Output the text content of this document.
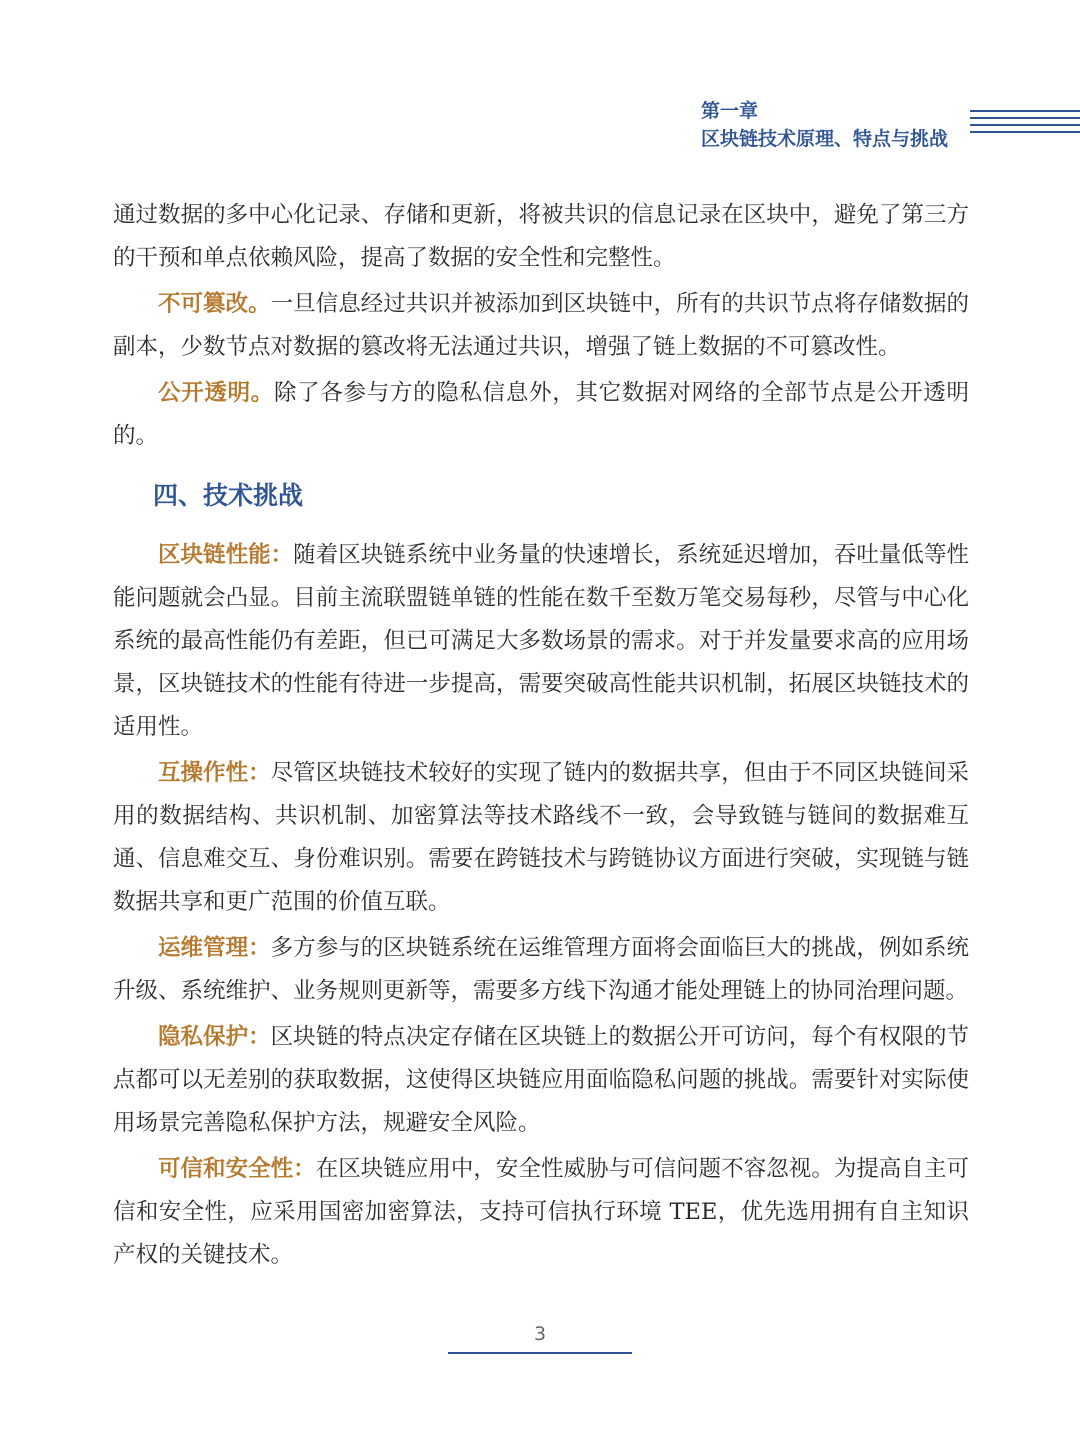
第一章
区块链技术原理、特点与挑战

通过数据的多中心化记录、存储和更新，将被共识的信息记录在区块中，避免了第三方的干预和单点依赖风险，提高了数据的安全性和完整性。

不可篡改。一旦信息经过共识并被添加到区块链中，所有的共识节点将存储数据的副本，少数节点对数据的篡改将无法通过共识，增强了链上数据的不可篡改性。

公开透明。除了各参与方的隐私信息外，其它数据对网络的全部节点是公开透明的。

四、技术挑战

区块链性能：随着区块链系统中业务量的快速增长，系统延迟增加，吞吐量低等性能问题就会凸显。目前主流联盟链单链的性能在数千至数万笔交易每秒，尽管与中心化系统的最高性能仍有差距，但已可满足大多数场景的需求。对于并发量要求高的应用场景，区块链技术的性能有待进一步提高，需要突破高性能共识机制，拓展区块链技术的适用性。

互操作性：尽管区块链技术较好的实现了链内的数据共享，但由于不同区块链间采用的数据结构、共识机制、加密算法等技术路线不一致，会导致链与链间的数据难互通、信息难交互、身份难识别。需要在跨链技术与跨链协议方面进行突破，实现链与链数据共享和更广范围的价值互联。

运维管理：多方参与的区块链系统在运维管理方面将会面临巨大的挑战，例如系统升级、系统维护、业务规则更新等，需要多方线下沟通才能处理链上的协同治理问题。

隐私保护：区块链的特点决定存储在区块链上的数据公开可访问，每个有权限的节点都可以无差别的获取数据，这使得区块链应用面临隐私问题的挑战。需要针对实际使用场景完善隐私保护方法，规避安全风险。

可信和安全性：在区块链应用中，安全性威胁与可信问题不容忽视。为提高自主可信和安全性，应采用国密加密算法，支持可信执行环境 TEE，优先选用拥有自主知识产权的关键技术。

3
